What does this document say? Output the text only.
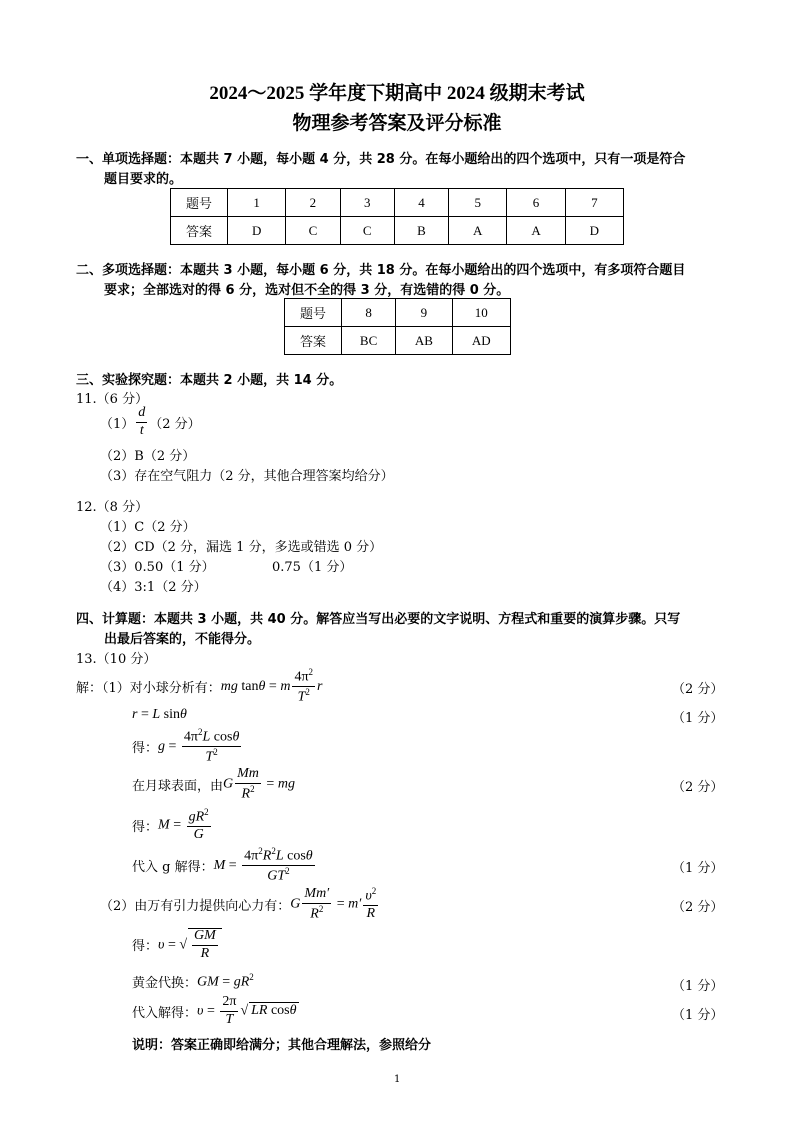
2024～2025 学年度下期高中 2024 级期末考试
物理参考答案及评分标准
一、单项选择题：本题共 7 小题，每小题 4 分，共 28 分。在每小题给出的四个选项中，只有一项是符合
题目要求的。
题号	1	2	3	4	5	6	7
答案	D	C	C	B	A	A	D
二、多项选择题：本题共 3 小题，每小题 6 分，共 18 分。在每小题给出的四个选项中，有多项符合题目
要求；全部选对的得 6 分，选对但不全的得 3 分，有选错的得 0 分。
题号	8	9	10
答案	BC	AB	AD
三、实验探究题：本题共 2 小题，共 14 分。
11.（6 分）
$(1) \frac{d}{t} (2$ 分）
（2）B（2 分）
（3）存在空气阻力（2 分，其他合理答案均给分）
12.（8 分）
（1）C（2 分）
（2）CD（2 分，漏选 1 分，多选或错选 0 分）
（3）0.50（1 分）	0.75（1 分）
（4）3:1（2 分）
四、计算题：本题共 3 小题，共 40 分。解答应当写出必要的文字说明、方程式和重要的演算步骤。只写
出最后答案的，不能得分。
13.（10 分）
解：（1）对小球分析有： mg tanθ = m $\frac{4\pi^2}{T^2}$ r	（2 分）
r = L sinθ	（1 分）
得： $g = \frac{4\pi^2L \cos\theta}{T^2}$
在月球表面，由 G $\frac{Mm}{R^2}$ = mg	（2 分）
得： $M = \frac{gR^2}{G}$
代入 g 解得： $M = \frac{4\pi^2R^2L \cos\theta}{GT^2}$	（1 分）
（2）由万有引力提供向心力有： G $\frac{Mm'}{R^2} = m' \frac{\upsilon^2}{R}$	（2 分）
得： υ = √ $\frac{GM}{R}$
黄金代换： GM = $gR^2$
（1 分）
代入解得： $\upsilon = \frac{2\pi}{T}$ √ LR cosθ	（1 分）
说明：答案正确即给满分；其他合理解法，参照给分
1
